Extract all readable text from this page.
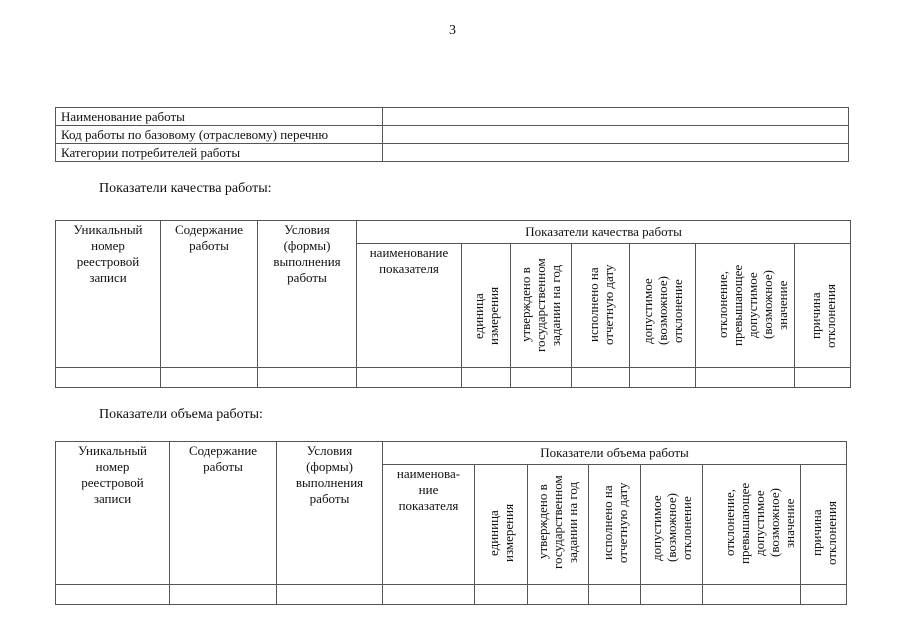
3
Наименование работы	
Код работы по базовому (отраслевому) перечню	
Категории потребителей работы	
Показатели качества работы:
Уникальный номер реестровой записи	Содержание работы	Условия (формы) выполнения работы	Показатели качества работы						
			наименование показателя	единица измерения	утверждено в государственном задании на год	исполнено на отчетную дату	допустимое (возможное) отклонение	отклонение, превышающее допустимое (возможное) значение	причина отклонения

Показатели объема работы:
Уникальный номер реестровой записи	Содержание работы	Условия (формы) выполнения работы	Показатели объема работы						
			наименова-ние показателя	единица измерения	утверждено в государственном задании на год	исполнено на отчетную дату	допустимое (возможное) отклонение	отклонение, превышающее допустимое (возможное) значение	причина отклонения
